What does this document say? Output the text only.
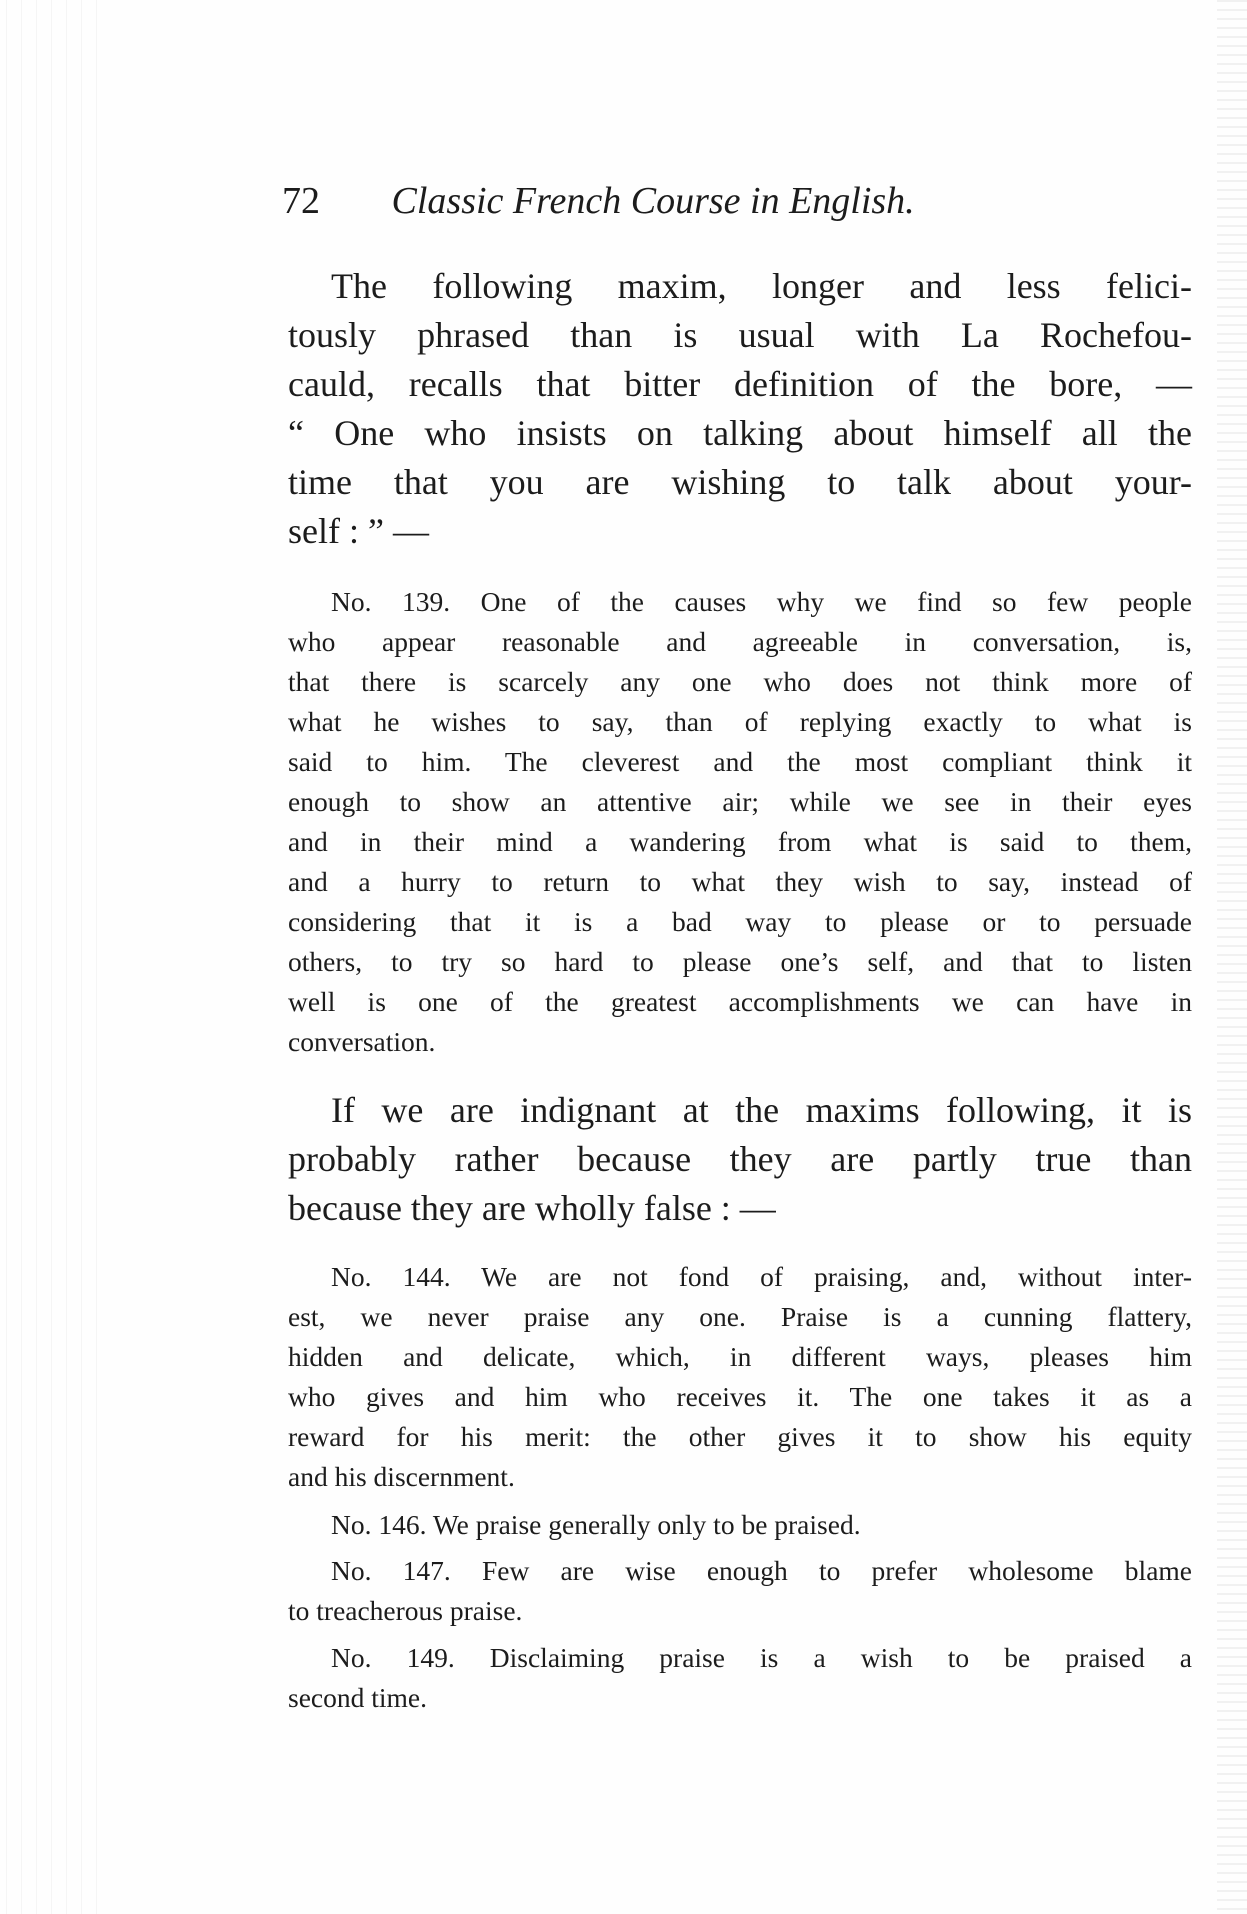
72 Classic French Course in English.
The following maxim, longer and less felici-
tously phrased than is usual with La Rochefou-
cauld, recalls that bitter definition of the bore, —
“ One who insists on talking about himself all the
time that you are wishing to talk about your-
self : ” —
No. 139. One of the causes why we find so few people
who appear reasonable and agreeable in conversation, is,
that there is scarcely any one who does not think more of
what he wishes to say, than of replying exactly to what is
said to him. The cleverest and the most compliant think it
enough to show an attentive air; while we see in their eyes
and in their mind a wandering from what is said to them,
and a hurry to return to what they wish to say, instead of
considering that it is a bad way to please or to persuade
others, to try so hard to please one’s self, and that to listen
well is one of the greatest accomplishments we can have in
conversation.
If we are indignant at the maxims following, it is
probably rather because they are partly true than
because they are wholly false : —
No. 144. We are not fond of praising, and, without inter-
est, we never praise any one. Praise is a cunning flattery,
hidden and delicate, which, in different ways, pleases him
who gives and him who receives it. The one takes it as a
reward for his merit: the other gives it to show his equity
and his discernment.
No. 146. We praise generally only to be praised.
No. 147. Few are wise enough to prefer wholesome blame
to treacherous praise.
No. 149. Disclaiming praise is a wish to be praised a
second time.
